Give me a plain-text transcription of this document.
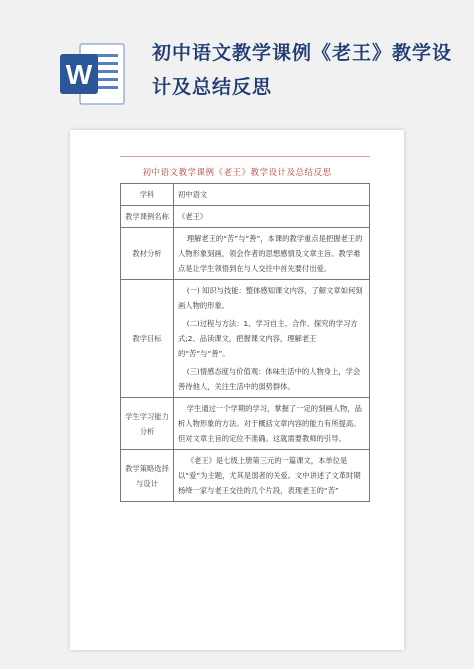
W
初中语文教学课例《老王》教学设计及总结反思
初中语文教学课例《老王》教学设计及总结反思
学科	初中语文
教学课例名称	《老王》
教材分析	理解老王的“苦”与“善”，本课的教学重点是把握老王的人物形象刻画，领会作者的思想感情及文章主旨。教学难点是让学生领悟到在与人交往中首先要付出爱。
教学目标	(一) 知识与技能：整体感知课文内容，了解文章如何刻画人物的形象。

(二)过程与方法：1、学习自主、合作、探究的学习方式;2、品读课文，把握课文内容，理解老王的“苦”与“善”。

(三)情感态度与价值观：体味生活中的人物身上，学会善待他人，关注生活中的弱势群体。

学生学习能力分析	学生通过一个学期的学习，掌握了一定的刻画人物，品析人物形象的方法。对于概括文章内容的能力有所提高。但对文章主旨的定位不准确。这就需要教师的引导。
教学策略选择与设计	《老王》是七级上册第三元的一篇课文，本单位是以“爱”为主题，尤其是弱者的关爱。文中讲述了文革时期杨绛一家与老王交往的几个片段，表现老王的“苦”
